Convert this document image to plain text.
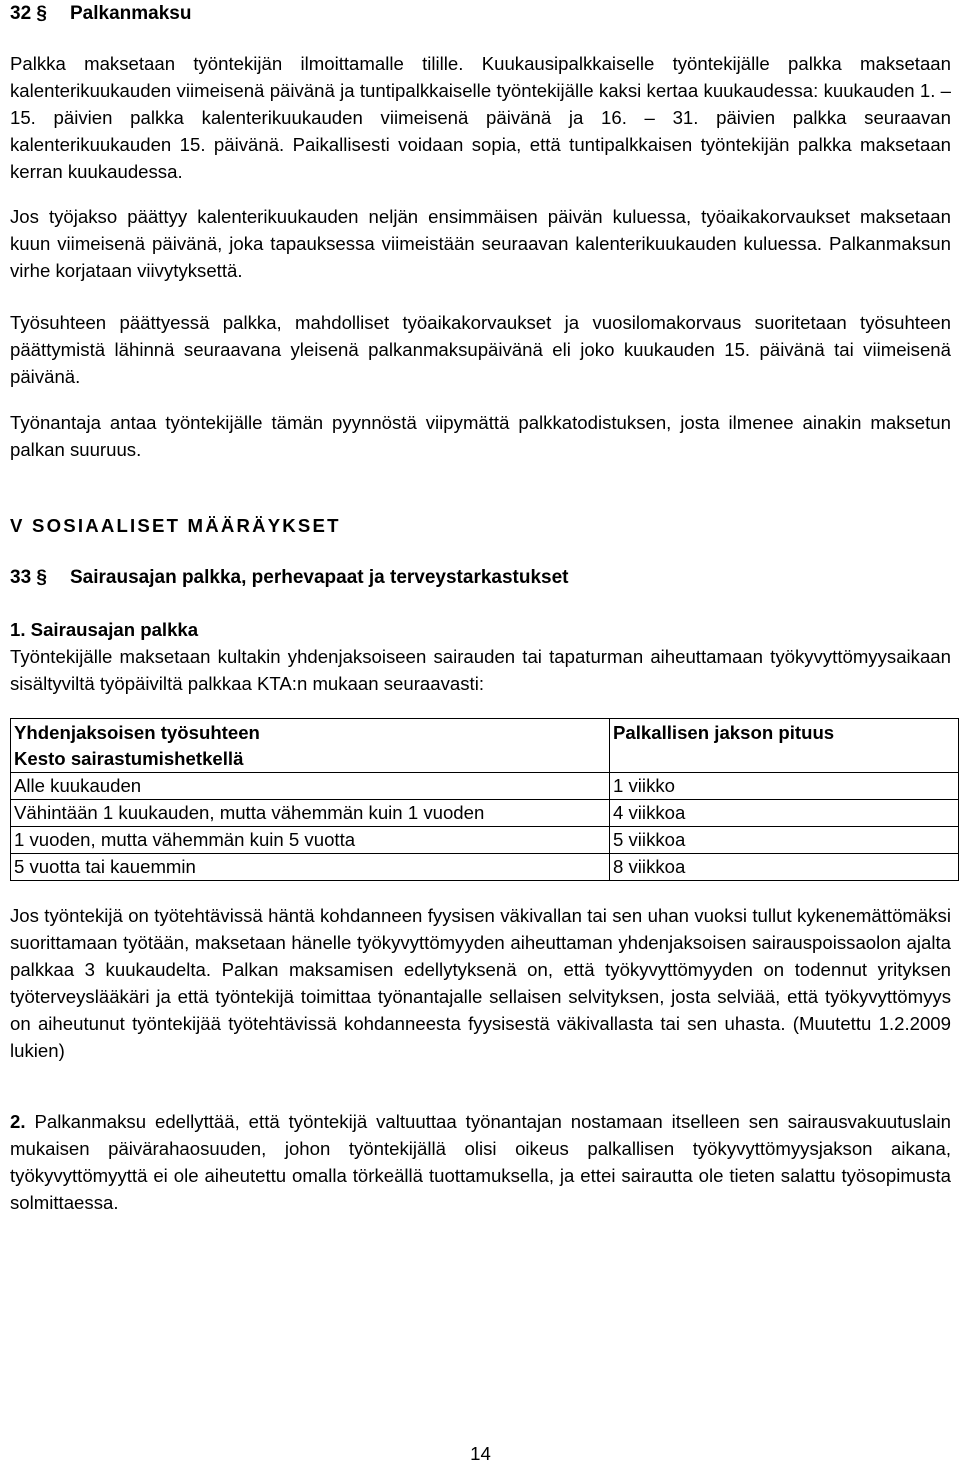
32 § Palkanmaksu

Palkka maksetaan työntekijän ilmoittamalle tilille. Kuukausipalkkaiselle työntekijälle palkka maksetaan kalenterikuukauden viimeisenä päivänä ja tuntipalkkaiselle työntekijälle kaksi kertaa kuukaudessa: kuukauden 1. – 15. päivien palkka kalenterikuukauden viimeisenä päivänä ja 16. – 31. päivien palkka seuraavan kalenterikuukauden 15. päivänä. Paikallisesti voidaan sopia, että tuntipalkkaisen työntekijän palkka maksetaan kerran kuukaudessa.

Jos työjakso päättyy kalenterikuukauden neljän ensimmäisen päivän kuluessa, työaikakorvaukset maksetaan kuun viimeisenä päivänä, joka tapauksessa viimeistään seuraavan kalenterikuukauden kuluessa. Palkanmaksun virhe korjataan viivytyksettä.

Työsuhteen päättyessä palkka, mahdolliset työaikakorvaukset ja vuosilomakorvaus suoritetaan työsuhteen päättymistä lähinnä seuraavana yleisenä palkanmaksupäivänä eli joko kuukauden 15. päivänä tai viimeisenä päivänä.

Työnantaja antaa työntekijälle tämän pyynnöstä viipymättä palkkatodistuksen, josta ilmenee ainakin maksetun palkan suuruus.

V SOSIAALISET MÄÄRÄYKSET
33 § Sairausajan palkka, perhevapaat ja terveystarkastukset
1. Sairausajan palkka

Työntekijälle maksetaan kultakin yhdenjaksoiseen sairauden tai tapaturman aiheuttamaan työkyvyttömyysaikaan sisältyviltä työpäiviltä palkkaa KTA:n mukaan seuraavasti:

Yhdenjaksoisen työsuhteen
Kesto sairastumishetkellä	Palkallisen jakson pituus
Alle kuukauden	1 viikko
Vähintään 1 kuukauden, mutta vähemmän kuin 1 vuoden	4 viikkoa
1 vuoden, mutta vähemmän kuin 5 vuotta	5 viikkoa
5 vuotta tai kauemmin	8 viikkoa

Jos työntekijä on työtehtävissä häntä kohdanneen fyysisen väkivallan tai sen uhan vuoksi tullut kykenemättömäksi suorittamaan työtään, maksetaan hänelle työkyvyttömyyden aiheuttaman yhdenjaksoisen sairauspoissaolon ajalta palkkaa 3 kuukaudelta. Palkan maksamisen edellytyksenä on, että työkyvyttömyyden on todennut yrityksen työterveyslääkäri ja että työntekijä toimittaa työnantajalle sellaisen selvityksen, josta selviää, että työkyvyttömyys on aiheutunut työntekijää työtehtävissä kohdanneesta fyysisestä väkivallasta tai sen uhasta. (Muutettu 1.2.2009 lukien)

2. Palkanmaksu edellyttää, että työntekijä valtuuttaa työnantajan nostamaan itselleen sen sairausvakuutuslain mukaisen päivärahaosuuden, johon työntekijällä olisi oikeus palkallisen työkyvyttömyysjakson aikana, työkyvyttömyyttä ei ole aiheutettu omalla törkeällä tuottamuksella, ja ettei sairautta ole tieten salattu työsopimusta solmittaessa.

14
